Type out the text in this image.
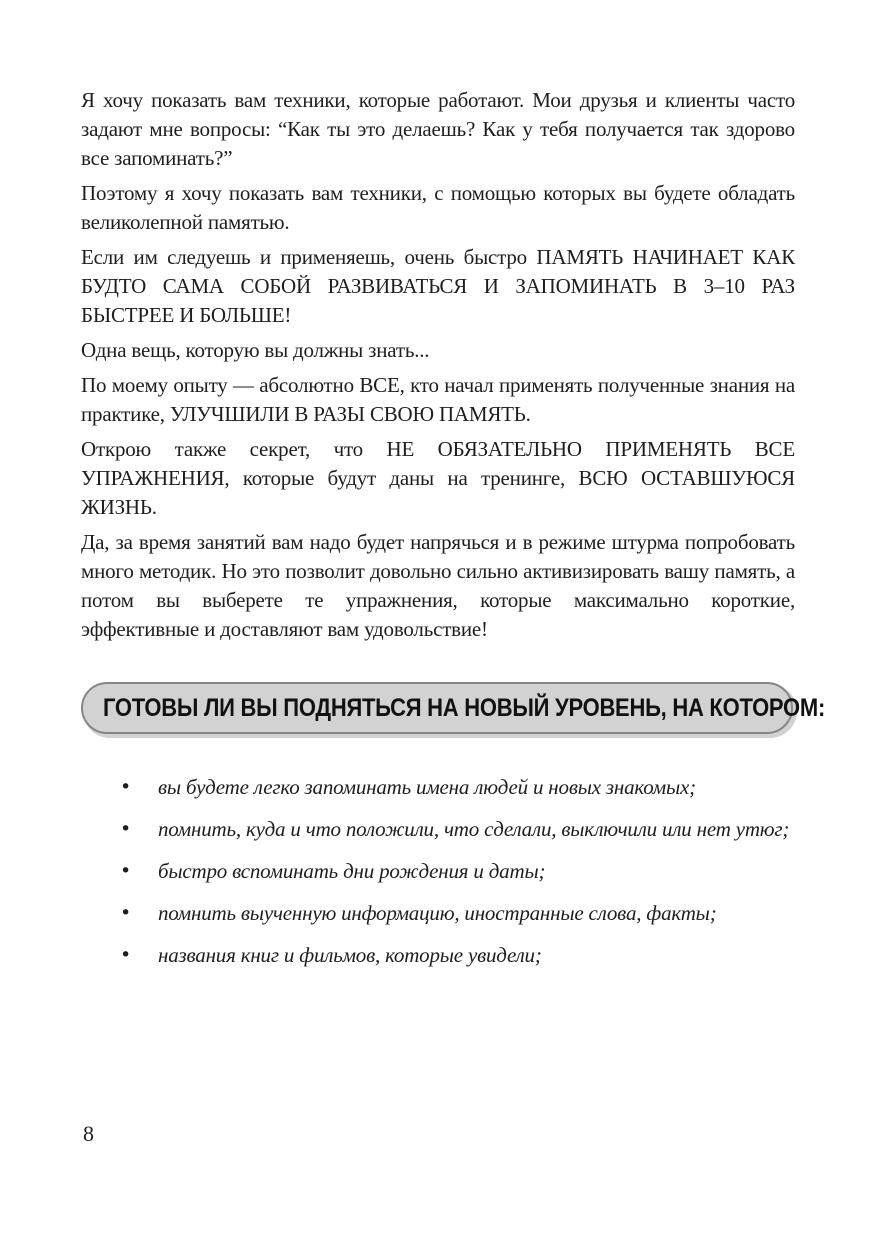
Я хочу показать вам техники, которые работают. Мои друзья и клиенты часто задают мне вопросы: “Как ты это делаешь? Как у тебя получается так здорово все запоминать?”

Поэтому я хочу показать вам техники, с помощью которых вы будете обладать великолепной памятью.

Если им следуешь и применяешь, очень быстро ПАМЯТЬ НАЧИНАЕТ КАК БУДТО САМА СОБОЙ РАЗВИВАТЬСЯ И ЗАПОМИНАТЬ В 3–10 РАЗ БЫСТРЕЕ И БОЛЬШЕ!

Одна вещь, которую вы должны знать...

По моему опыту — абсолютно ВСЕ, кто начал применять полученные знания на практике, УЛУЧШИЛИ В РАЗЫ СВОЮ ПАМЯТЬ.

Открою также секрет, что НЕ ОБЯЗАТЕЛЬНО ПРИМЕНЯТЬ ВСЕ УПРАЖНЕНИЯ, которые будут даны на тренинге, ВСЮ ОСТАВШУЮСЯ ЖИЗНЬ.

Да, за время занятий вам надо будет напрячься и в режиме штурма попробовать много методик. Но это позволит довольно сильно активизировать вашу память, а потом вы выберете те упражнения, которые максимально короткие, эффективные и доставляют вам удовольствие!

ГОТОВЫ ЛИ ВЫ ПОДНЯТЬСЯ НА НОВЫЙ УРОВЕНЬ, НА КОТОРОМ:
•	вы будете легко запоминать имена людей и новых знакомых;
•	помнить, куда и что положили, что сделали, выключили или нет утюг;
•	быстро вспоминать дни рождения и даты;
•	помнить выученную информацию, иностранные слова, факты;
•	названия книг и фильмов, которые увидели;
8
